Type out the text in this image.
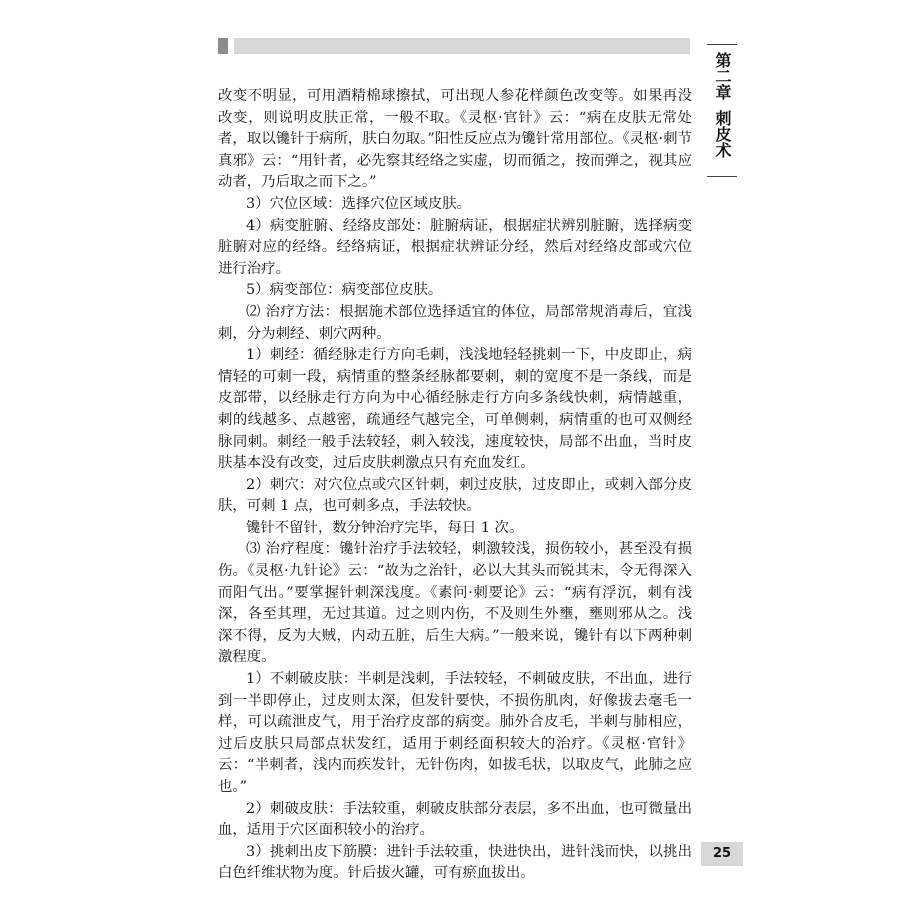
第二章刺皮术

改变不明显，可用酒精棉球擦拭，可出现人参花样颜色改变等。如果再没改变，则说明皮肤正常，一般不取。《灵枢·官针》云：“病在皮肤无常处者，取以镵针于病所，肤白勿取。”阳性反应点为镵针常用部位。《灵枢·刺节真邪》云：“用针者，必先察其经络之实虚，切而循之，按而弹之，视其应动者，乃后取之而下之。”

3）穴位区域：选择穴位区域皮肤。

4）病变脏腑、经络皮部处：脏腑病证，根据症状辨别脏腑，选择病变脏腑对应的经络。经络病证，根据症状辨证分经，然后对经络皮部或穴位进行治疗。

5）病变部位：病变部位皮肤。

⑵ 治疗方法：根据施术部位选择适宜的体位，局部常规消毒后，宜浅刺，分为刺经、刺穴两种。

1）刺经：循经脉走行方向毛刺，浅浅地轻轻挑刺一下，中皮即止，病情轻的可刺一段，病情重的整条经脉都要刺，刺的宽度不是一条线，而是皮部带，以经脉走行方向为中心循经脉走行方向多条线快刺，病情越重，刺的线越多、点越密，疏通经气越完全，可单侧刺，病情重的也可双侧经脉同刺。刺经一般手法较轻，刺入较浅，速度较快，局部不出血，当时皮肤基本没有改变，过后皮肤刺激点只有充血发红。

2）刺穴：对穴位点或穴区针刺，刺过皮肤，过皮即止，或刺入部分皮肤，可刺 1 点，也可刺多点，手法较快。

镵针不留针，数分钟治疗完毕，每日 1 次。

⑶ 治疗程度：镵针治疗手法较轻，刺激较浅，损伤较小，甚至没有损伤。《灵枢·九针论》云：“故为之治针，必以大其头而锐其末，令无得深入而阳气出。”要掌握针刺深浅度。《素问·刺要论》云：“病有浮沉，刺有浅深，各至其理，无过其道。过之则内伤，不及则生外壅，壅则邪从之。浅深不得，反为大贼，内动五脏，后生大病。”一般来说，镵针有以下两种刺激程度。

1）不刺破皮肤：半刺是浅刺，手法较轻，不刺破皮肤，不出血，进行到一半即停止，过皮则太深，但发针要快，不损伤肌肉，好像拔去毫毛一样，可以疏泄皮气，用于治疗皮部的病变。肺外合皮毛，半刺与肺相应，过后皮肤只局部点状发红，适用于刺经面积较大的治疗。《灵枢·官针》云：“半刺者，浅内而疾发针，无针伤肉，如拔毛状，以取皮气，此肺之应也。”

2）刺破皮肤：手法较重，刺破皮肤部分表层，多不出血，也可微量出血，适用于穴区面积较小的治疗。

3）挑刺出皮下筋膜：进针手法较重，快进快出，进针浅而快，以挑出白色纤维状物为度。针后拔火罐，可有瘀血拔出。

25
